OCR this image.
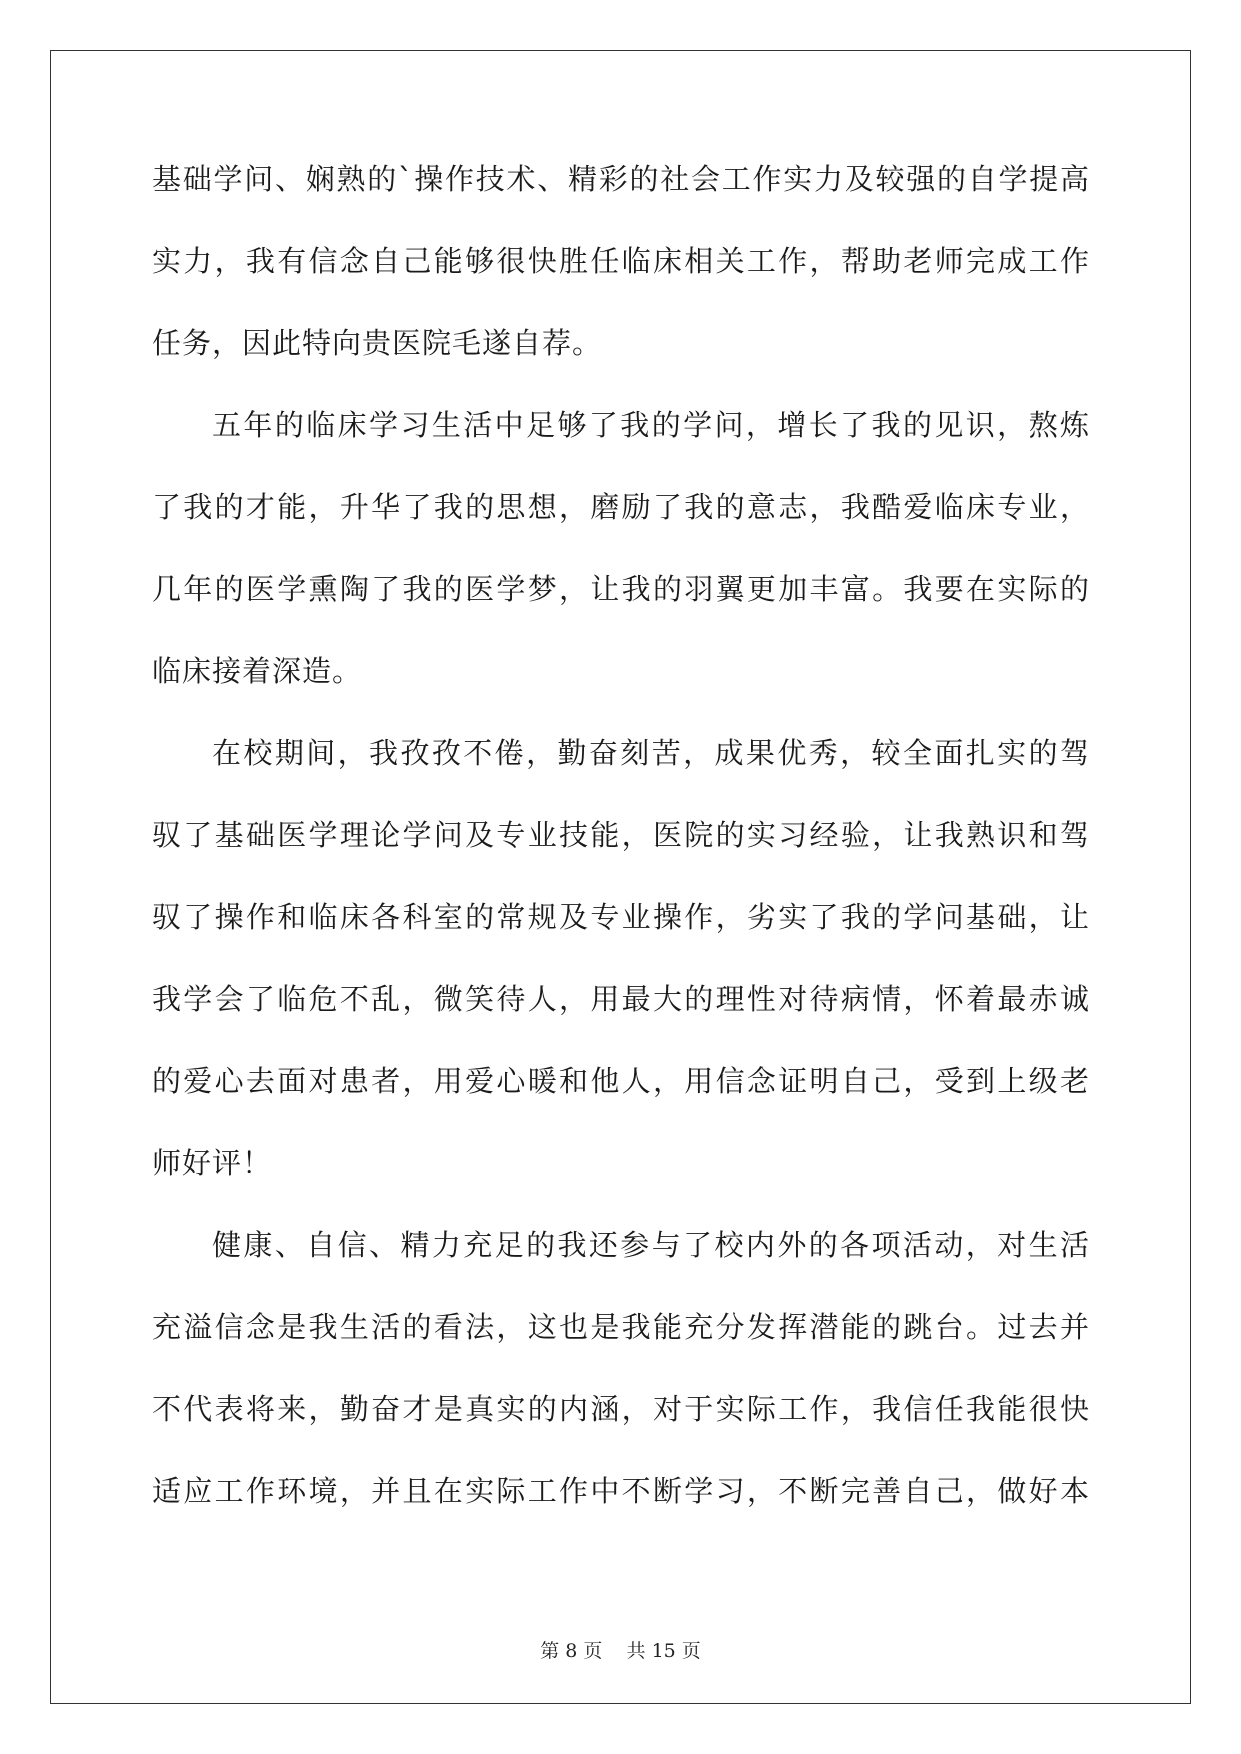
基础学问、娴熟的`操作技术、精彩的社会工作实力及较强的自学提高
实力，我有信念自己能够很快胜任临床相关工作，帮助老师完成工作
任务，因此特向贵医院毛遂自荐。
五年的临床学习生活中足够了我的学问，增长了我的见识，熬炼
了我的才能，升华了我的思想，磨励了我的意志，我酷爱临床专业，
几年的医学熏陶了我的医学梦，让我的羽翼更加丰富。我要在实际的
临床接着深造。
在校期间，我孜孜不倦，勤奋刻苦，成果优秀，较全面扎实的驾
驭了基础医学理论学问及专业技能，医院的实习经验，让我熟识和驾
驭了操作和临床各科室的常规及专业操作，劣实了我的学问基础，让
我学会了临危不乱，微笑待人，用最大的理性对待病情，怀着最赤诚
的爱心去面对患者，用爱心暖和他人，用信念证明自己，受到上级老
师好评！
健康、自信、精力充足的我还参与了校内外的各项活动，对生活
充溢信念是我生活的看法，这也是我能充分发挥潜能的跳台。过去并
不代表将来，勤奋才是真实的内涵，对于实际工作，我信任我能很快
适应工作环境，并且在实际工作中不断学习，不断完善自己，做好本
第 8 页    共 15 页
